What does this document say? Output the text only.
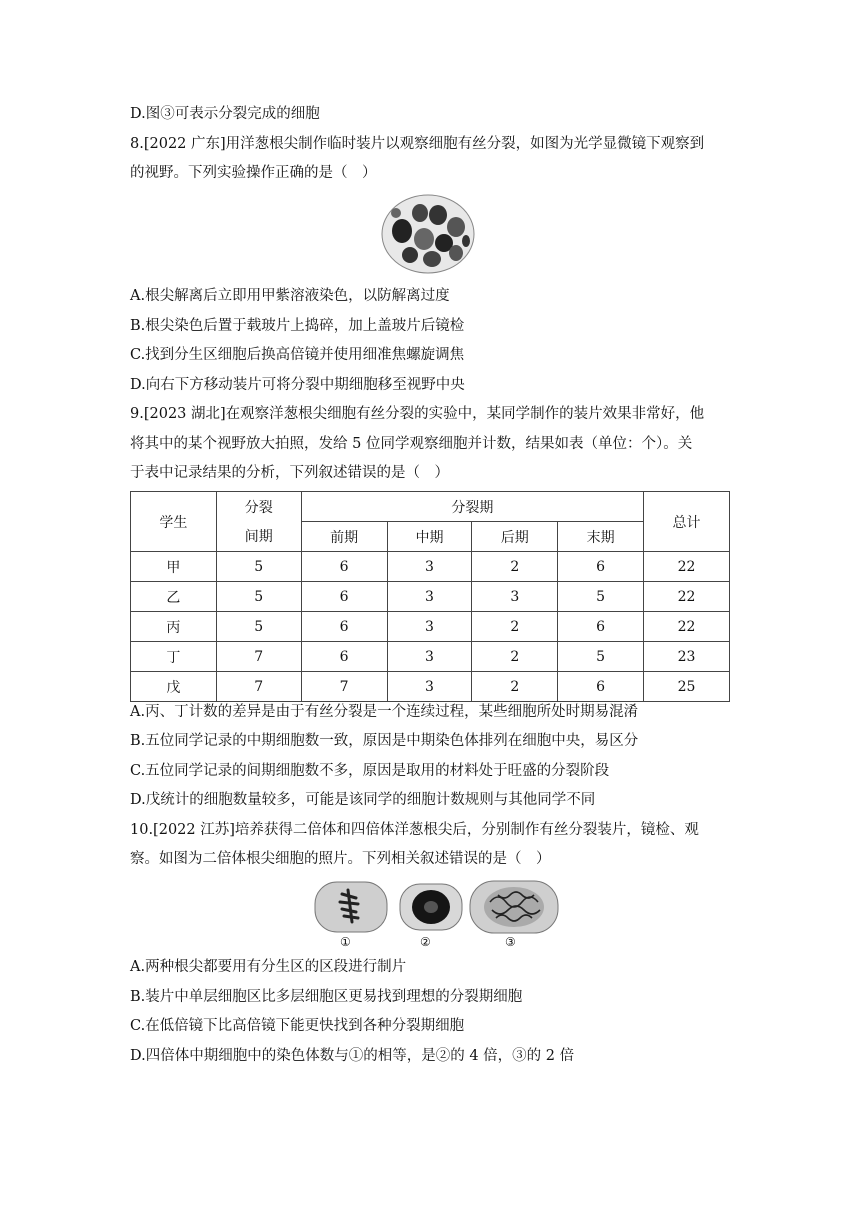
D.图③可表示分裂完成的细胞
8.[2022 广东]用洋葱根尖制作临时装片以观察细胞有丝分裂，如图为光学显微镜下观察到
的视野。下列实验操作正确的是（　）
A.根尖解离后立即用甲紫溶液染色，以防解离过度
B.根尖染色后置于载玻片上捣碎，加上盖玻片后镜检
C.找到分生区细胞后换高倍镜并使用细准焦螺旋调焦
D.向右下方移动装片可将分裂中期细胞移至视野中央
9.[2023 湖北]在观察洋葱根尖细胞有丝分裂的实验中，某同学制作的装片效果非常好，他
将其中的某个视野放大拍照，发给 5 位同学观察细胞并计数，结果如表（单位：个）。关
于表中记录结果的分析，下列叙述错误的是（　）
学生	分裂	分裂期				总计
	间期	前期	中期	后期	末期	
甲	5	6	3	2	6	22
乙	5	6	3	3	5	22
丙	5	6	3	2	6	22
丁	7	6	3	2	5	23
戊	7	7	3	2	6	25
A.丙、丁计数的差异是由于有丝分裂是一个连续过程，某些细胞所处时期易混淆
B.五位同学记录的中期细胞数一致，原因是中期染色体排列在细胞中央，易区分
C.五位同学记录的间期细胞数不多，原因是取用的材料处于旺盛的分裂阶段
D.戊统计的细胞数量较多，可能是该同学的细胞计数规则与其他同学不同
10.[2022 江苏]培养获得二倍体和四倍体洋葱根尖后，分别制作有丝分裂装片，镜检、观
察。如图为二倍体根尖细胞的照片。下列相关叙述错误的是（　）
①	②	③
A.两种根尖都要用有分生区的区段进行制片
B.装片中单层细胞区比多层细胞区更易找到理想的分裂期细胞
C.在低倍镜下比高倍镜下能更快找到各种分裂期细胞
D.四倍体中期细胞中的染色体数与①的相等，是②的 4 倍，③的 2 倍
